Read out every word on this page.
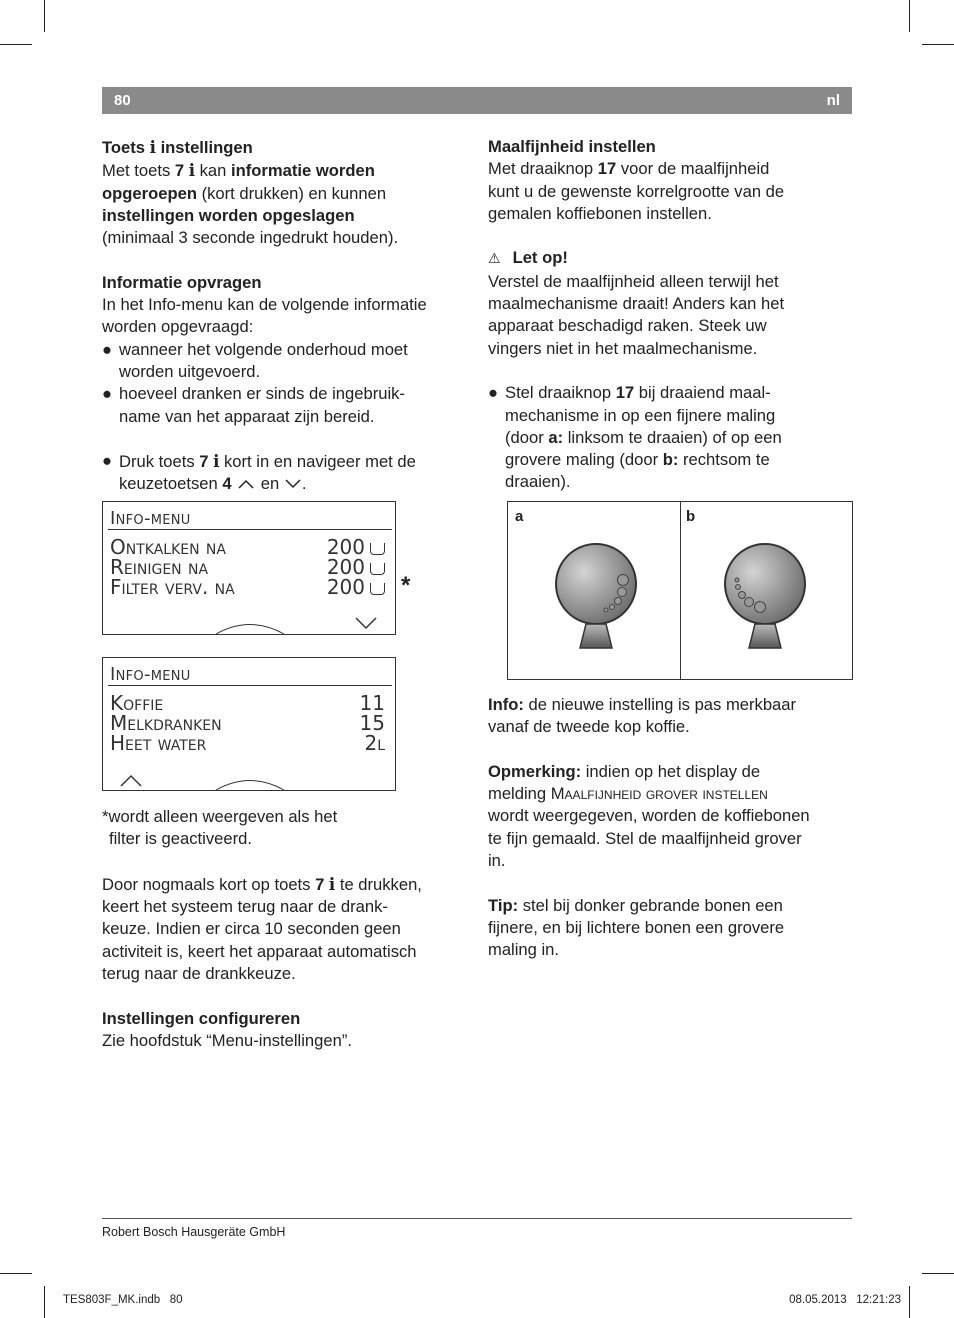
80	nl

Toets i instellingen

Met toets 7 i kan informatie worden

opgeroepen (kort drukken) en kunnen

instellingen worden opgeslagen

(minimaal 3 seconde ingedrukt houden).

Informatie opvragen

In het Info-menu kan de volgende informatie

worden opgevraagd:

● wanneer het volgende onderhoud moet
worden uitgevoerd.
● hoeveel dranken er sinds de ingebruik-
name van het apparaat zijn bereid.
● Druk toets 7 i kort in en navigeer met de
keuzetoetsen 4  en .
Info-menu
Ontkalken na	200
Reinigen na	200
Filter verv. na	200	*
Info-menu
Koffie	11
Melkdranken	15
Heet water	2l

*wordt alleen weergeven als het

filter is geactiveerd.

Door nogmaals kort op toets 7 i te drukken,

keert het systeem terug naar de drank-

keuze. Indien er circa 10 seconden geen

activiteit is, keert het apparaat automatisch

terug naar de drankkeuze.

Instellingen configureren

Zie hoofdstuk “Menu-instellingen”.

Maalfijnheid instellen

Met draaiknop 17 voor de maalfijnheid

kunt u de gewenste korrelgrootte van de

gemalen koffiebonen instellen.

⚠ Let op!

Verstel de maalfijnheid alleen terwijl het

maalmechanisme draait! Anders kan het

apparaat beschadigd raken. Steek uw

vingers niet in het maalmechanisme.

● Stel draaiknop 17 bij draaiend maal-
mechanisme in op een fijnere maling
(door a: linksom te draaien) of op een
grovere maling (door b: rechtsom te
draaien).
a	b

Info: de nieuwe instelling is pas merkbaar

vanaf de tweede kop koffie.

Opmerking: indien op het display de

melding Maalfijnheid grover instellen

wordt weergegeven, worden de koffiebonen

te fijn gemaald. Stel de maalfijnheid grover

in.

Tip: stel bij donker gebrande bonen een

fijnere, en bij lichtere bonen een grovere

maling in.

Robert Bosch Hausgeräte GmbH
TES803F_MK.indb   80	08.05.2013   12:21:23
